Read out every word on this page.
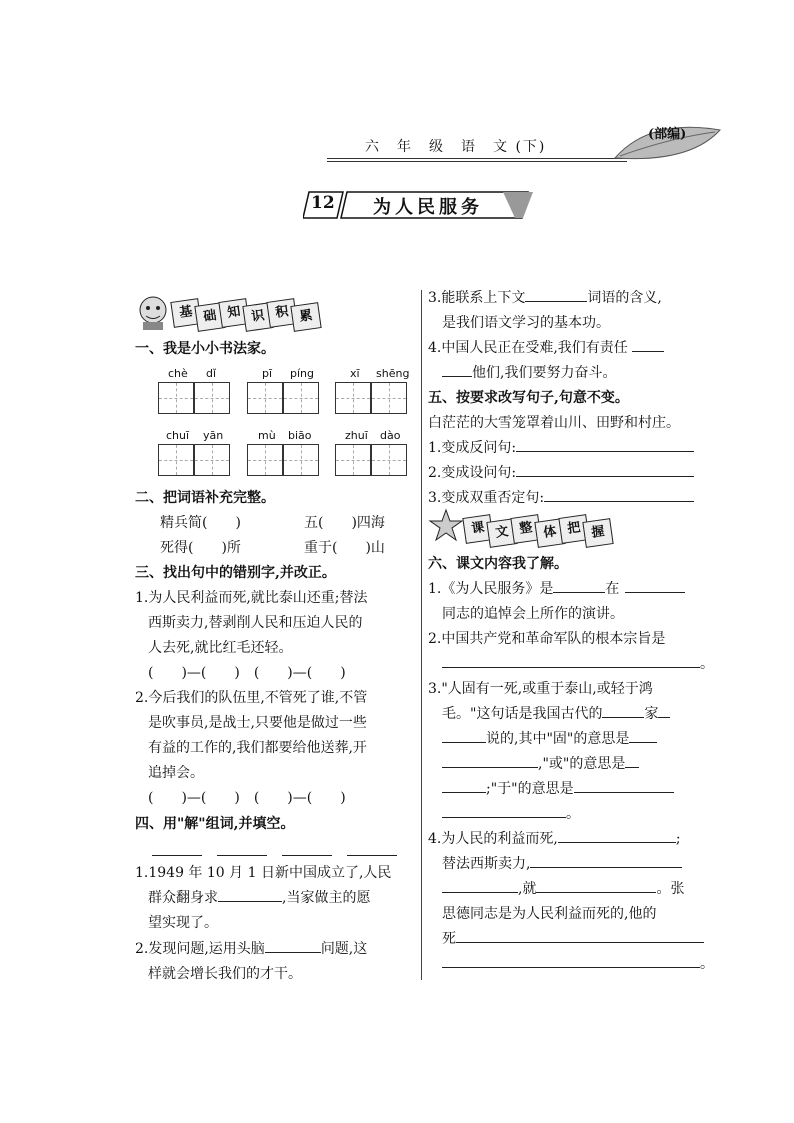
六　年　级　语　文 (下)
(部编)
12 为人民服务
基 础 知 识 积 累
一、我是小小书法家。
chè dǐ	pī píng	xī shēng
chuī yān	mù biāo	zhuī dào
二、把词语补充完整。
精兵简(　　)	五(　　)四海
死得(　　)所	重于(　　)山
三、找出句中的错别字,并改正。
1.为人民利益而死,就比泰山还重;替法
西斯卖力,替剥削人民和压迫人民的
人去死,就比红毛还轻。
(　　)—(　　)　(　　)—(　　)
2.今后我们的队伍里,不管死了谁,不管
是吹事员,是战士,只要他是做过一些
有益的工作的,我们都要给他送葬,开
追掉会。
(　　)—(　　)　(　　)—(　　)
四、用"解"组词,并填空。
1.1949 年 10 月 1 日新中国成立了,人民
群众翻身求	,当家做主的愿
望实现了。
2.发现问题,运用头脑	问题,这
样就会增长我们的才干。
3.能联系上下文	词语的含义,
是我们语文学习的基本功。
4.中国人民正在受难,我们有责任
他们,我们要努力奋斗。
五、按要求改写句子,句意不变。
白茫茫的大雪笼罩着山川、田野和村庄。
1.变成反问句:
2.变成设问句:
3.变成双重否定句:
课 文 整 体 把 握
六、课文内容我了解。
1.《为人民服务》是	在
同志的追悼会上所作的演讲。
2.中国共产党和革命军队的根本宗旨是
。
3."人固有一死,或重于泰山,或轻于鸿
毛。"这句话是我国古代的	家
说的,其中"固"的意思是
,"或"的意思是
;"于"的意思是
。
4.为人民的利益而死,	;
替法西斯卖力,
,就	。张
思德同志是为人民利益而死的,他的
死
。
